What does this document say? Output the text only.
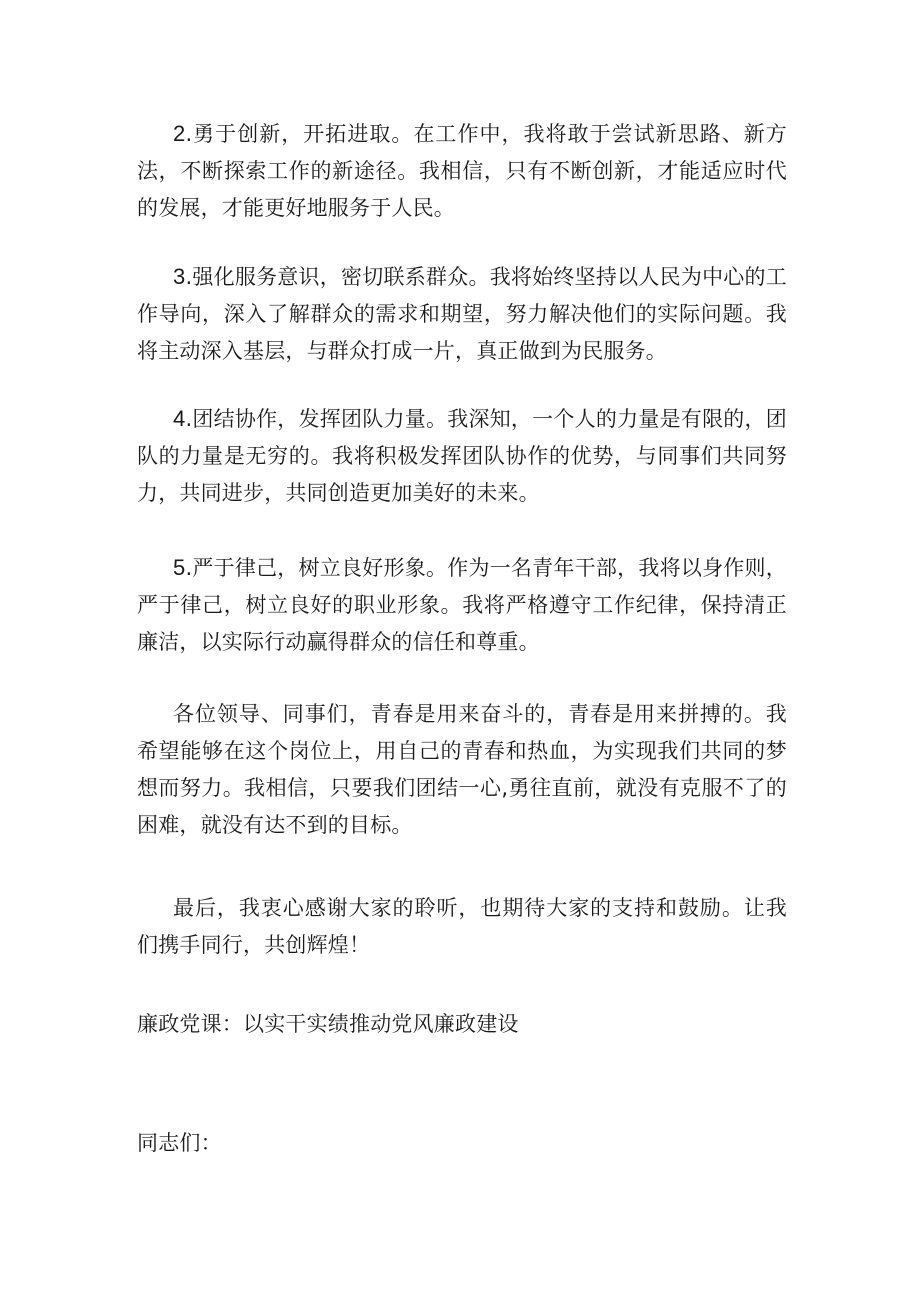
2.勇于创新，开拓进取。在工作中，我将敢于尝试新思路、新方法，不断探索工作的新途径。我相信，只有不断创新，才能适应时代的发展，才能更好地服务于人民。

3.强化服务意识，密切联系群众。我将始终坚持以人民为中心的工作导向，深入了解群众的需求和期望，努力解决他们的实际问题。我将主动深入基层，与群众打成一片，真正做到为民服务。

4.团结协作，发挥团队力量。我深知，一个人的力量是有限的，团队的力量是无穷的。我将积极发挥团队协作的优势，与同事们共同努力，共同进步，共同创造更加美好的未来。

5.严于律己，树立良好形象。作为一名青年干部，我将以身作则，严于律己，树立良好的职业形象。我将严格遵守工作纪律，保持清正廉洁，以实际行动赢得群众的信任和尊重。

各位领导、同事们，青春是用来奋斗的，青春是用来拼搏的。我希望能够在这个岗位上，用自己的青春和热血，为实现我们共同的梦想而努力。我相信，只要我们团结一心,勇往直前，就没有克服不了的困难，就没有达不到的目标。

最后，我衷心感谢大家的聆听，也期待大家的支持和鼓励。让我们携手同行，共创辉煌！

廉政党课：以实干实绩推动党风廉政建设

同志们：
